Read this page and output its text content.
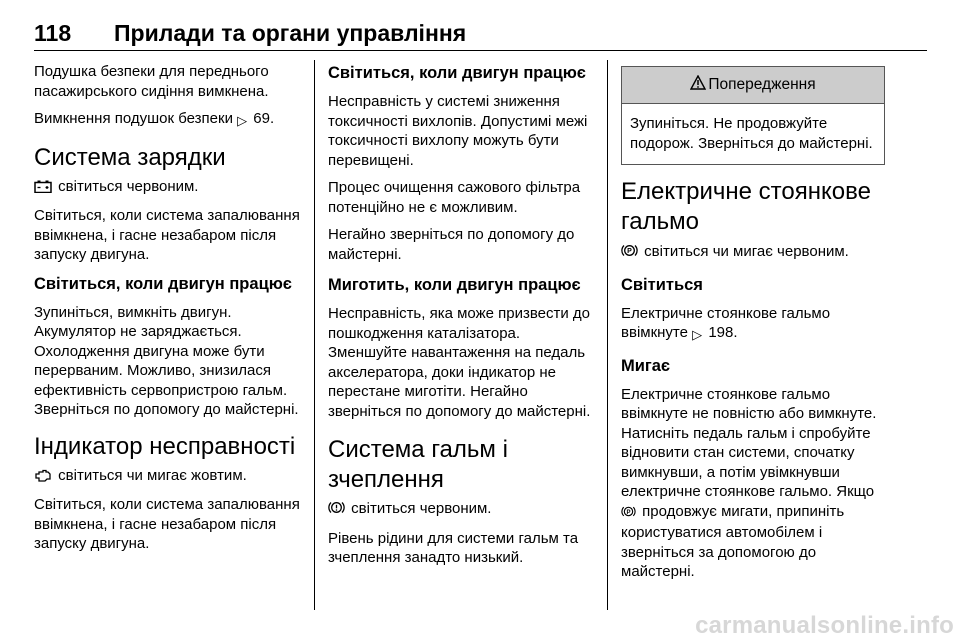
118 Прилади та органи управління

Подушка безпеки для переднього пасажирського сидіння вимкнена.

Вимкнення подушок безпеки ▷ 69.

Система зарядки

світиться червоним.

Світиться, коли система запалювання ввімкнена, і гасне незабаром після запуску двигуна.

Світиться, коли двигун працює

Зупиніться, вимкніть двигун. Акумулятор не заряджається. Охолодження двигуна може бути перерваним. Можливо, знизилася ефективність сервопристрою гальм. Зверніться по допомогу до майстерні.

Індикатор несправності

світиться чи мигає жовтим.

Світиться, коли система запалювання ввімкнена, і гасне незабаром після запуску двигуна.

Світиться, коли двигун працює

Несправність у системі зниження токсичності вихлопів. Допустимі межі токсичності вихлопу можуть бути перевищені.

Процес очищення сажового фільтра потенційно не є можливим.

Негайно зверніться по допомогу до майстерні.

Миготить, коли двигун працює

Несправність, яка може призвести до пошкодження каталізатора. Зменшуйте навантаження на педаль акселератора, доки індикатор не перестане миготіти. Негайно зверніться по допомогу до майстерні.

Система гальм і зчеплення

світиться червоним.

Рівень рідини для системи гальм та зчеплення занадто низький.

Попередження

Зупиніться. Не продовжуйте подорож. Зверніться до майстерні.

Електричне стоянкове гальмо

P світиться чи мигає червоним.

Світиться

Електричне стоянкове гальмо ввімкнуте ▷ 198.

Мигає

Електричне стоянкове гальмо ввімкнуте не повністю або вимкнуте. Натисніть педаль гальм і спробуйте відновити стан системи, спочатку вимкнувши, а потім увімкнувши електричне стоянкове гальмо. Якщо
P продовжує мигати, припиніть користуватися автомобілем і зверніться за допомогою до майстерні.

carmanualsonline.info
